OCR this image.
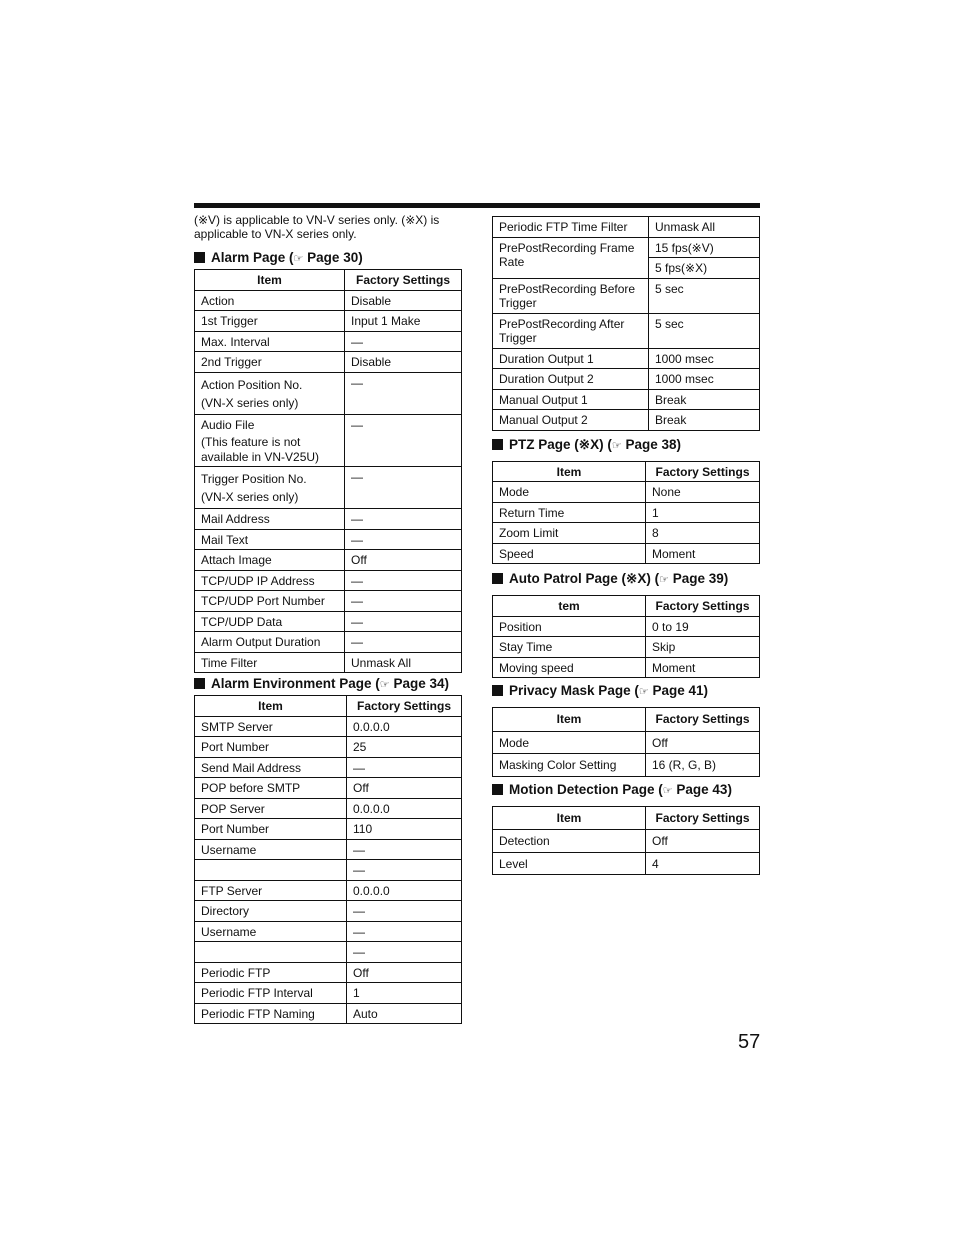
(※V) is applicable to VN-V series only. (※X) is applicable to VN-X series only.

Alarm Page (☞ Page 30)
Item	Factory Settings
Action	Disable
1st Trigger	Input 1 Make
Max. Interval	—
2nd Trigger	Disable

Action Position No.
(VN-X series only)	—

Audio File
(This feature is not available in VN-V25U)	—

Trigger Position No.
(VN-X series only)	—
Mail Address	—
Mail Text	—
Attach Image	Off
TCP/UDP IP Address	—
TCP/UDP Port Number	—
TCP/UDP Data	—
Alarm Output Duration	—
Time Filter	Unmask All
Alarm Environment Page (☞ Page 34)
Item	Factory Settings
SMTP Server	0.0.0.0
Port Number	25
Send Mail Address	—
POP before SMTP	Off
POP Server	0.0.0.0
Port Number	110
Username	—
	—
FTP Server	0.0.0.0
Directory	—
Username	—
	—
Periodic FTP	Off
Periodic FTP Interval	1
Periodic FTP Naming	Auto
Periodic FTP Time Filter	Unmask All
PrePostRecording Frame Rate	15 fps(※V)
	5 fps(※X)
PrePostRecording Before Trigger	5 sec
PrePostRecording After Trigger	5 sec
Duration Output 1	1000 msec
Duration Output 2	1000 msec
Manual Output 1	Break
Manual Output 2	Break
PTZ Page (※X) (☞ Page 38)
Item	Factory Settings
Mode	None
Return Time	1
Zoom Limit	8
Speed	Moment
Auto Patrol Page (※X) (☞ Page 39)
tem	Factory Settings
Position	0 to 19
Stay Time	Skip
Moving speed	Moment
Privacy Mask Page (☞ Page 41)
Item	Factory Settings
Mode	Off
Masking Color Setting	16 (R, G, B)
Motion Detection Page (☞ Page 43)
Item	Factory Settings
Detection	Off
Level	4
57
